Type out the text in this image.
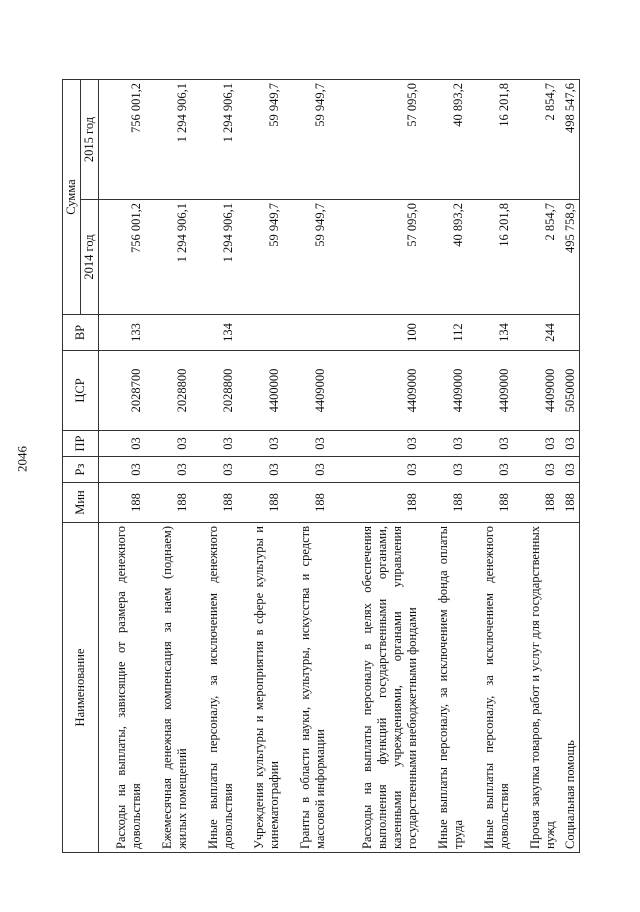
2046
Наименование	Мин	Рз	ПР	ЦСР	ВР	Сумма	
						2014 год	2015 год
Расходы на выплаты, зависящие от размера денежного довольствия	188	03	03	2028700	133	756 001,2	756 001,2
Ежемесячная денежная компенсация за наем (поднаем) жилых помещений	188	03	03	2028800		1 294 906,1	1 294 906,1
Иные выплаты персоналу, за исключением денежного довольствия	188	03	03	2028800	134	1 294 906,1	1 294 906,1
Учреждения культуры и мероприятия в сфере культуры и кинематографии	188	03	03	4400000		59 949,7	59 949,7
Гранты в области науки, культуры, искусства и средств массовой информации	188	03	03	4409000		59 949,7	59 949,7
Расходы на выплаты персоналу в целях обеспечения выполнения функций государственными органами, казенными учреждениями, органами управления государственными внебюджетными фондами	188	03	03	4409000	100	57 095,0	57 095,0
Иные выплаты персоналу, за исключением фонда оплаты труда	188	03	03	4409000	112	40 893,2	40 893,2
Иные выплаты персоналу, за исключением денежного довольствия	188	03	03	4409000	134	16 201,8	16 201,8
Прочая закупка товаров, работ и услуг для государственных нужд	188	03	03	4409000	244	2 854,7	2 854,7
Социальная помощь	188	03	03	5050000		495 758,9	498 547,6
